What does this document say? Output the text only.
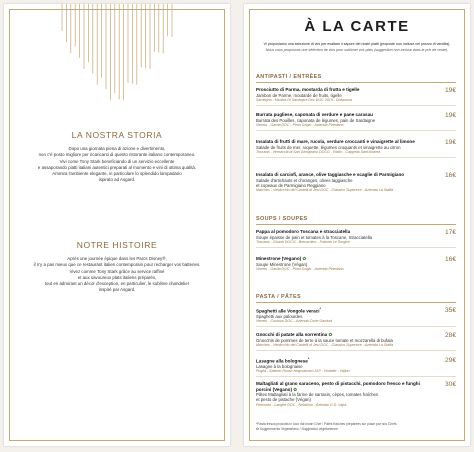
LA NOSTRA STORIA
Dopo una giornata piena di azione e divertimento,
non c'è posto migliore per ricaricarsi di questo ristorante italiano contemporaneo.
Vivi come Tony Stark beneficiando di un servizio eccellente
e assaporando piatti italiani autentici preparati al momento e vini di ottima qualità.
Ammira l'ambiente elegante, in particolare lo splendido lampadario
ispirato ad Asgard.
NOTRE HISTOIRE
Après une journée épique dans les Parcs Disney®,
il n'y a pas mieux que ce restaurant italien contemporain pour recharger vos batteries.
Vivez comme Tony Stark grâce au service raffiné
et aux savoureux plats italiens préparés,
tout en admirant un décor d'exception, en particulier, le sublime chandelier
inspiré par Asgard.
À LA CARTE
Vi proponiamo una selezione di vini per esaltare il sapore dei nostri piatti (proposte non incluse nel prezzo di vendita).
Nous vous proposons une sélection de vins pour sublimer vos plats (suggestion non incluse dans le prix de vente).
ANTIPASTI / ENTRÉES
Prosciutto di Parma, mostarda di frutta e tigelle
Jambon de Parme, moutarde de fruits, tigelle
Sardegna - Monica Di Sardegna Doc DOC 2019 - Dolianova
19€
Burrata pugliese, caponata di verdure e pane carasau
Burrata des Pouilles, caponata de légumes, pain de Sardaigne
Veneto - Garda DOC - Pinot Grigio - Azienda Pinedano
19€
Insalata di frutti di mare, rucola, verdure croccanti e vinaigrette al limone
Salade de fruits de mer, roquette, légumes croquants et vinaigrette au citron
Toscana - Vernaccia di San Gimignano DOCG - Rialto - Cappella Sant'Andrea
19€
Insalata di carciofi, arance, olive taggiasche e scaglie di Parmigiano
Salade d'artichauts et d'oranges, olives taggiasche
et copeaux de Parmigiano Reggiano
Marches - Verdicchio dei Castelli di Jesi DOC - Classico Superiore - Azienda La Staffa
16€
SOUPS / SOUPES
Pappa al pomodoro Toscana e stracciatella
Soupe épaisse de pain et tomates à la Toscane, Stracciatella
Toscana - Chianti DOCG - Bernardino - Fattoria Le Sorgive
17€
Minestrone (Vegano) ✿
Soupe Minestrone (Végan)
Veneto - Garda DOC - Pinot Grigio - Azienda Pinedano
16€
PASTA / PÂTES
Spaghetti alle Vongole veraci*
Spaghetti aux palourdes
Veneto - Custoza DOC - Azienda Corte Gardoni
35€
Gnocchi di patate alla sorrentina ✿
Gnocchis de pommes de terre à la sauce tomate et mozzarella di bufala
Marches - Verdicchio dei Castelli di Jesi DOC - Classico Superiore - Azienda La Staffa
28€
Lasagne alla bolognese*
Lasagne à la bolognaise
Puglia - Salento Rosso Negroamaro IGP - Vinilatte - Vallun
29€
Maltagliati al grano saraceno, pesto di pistacchi, pomodoro fresco e funghi porcini (Vegano) ✿
Pâtes Maltagliati à la farine de sarrasin, cèpes, tomates fraîches
et pesto de pistache (Végan)
Piemonte - Langhe DOC - Nebbiolo - Azienda G.D. Vajra
30€
*Pasta fresca prodotta in loco dai nostri Chef / Pâtes fraîches préparées sur place par nos Chefs
✿ Suggerimento Vegetariano / Suggestion végétarienne
